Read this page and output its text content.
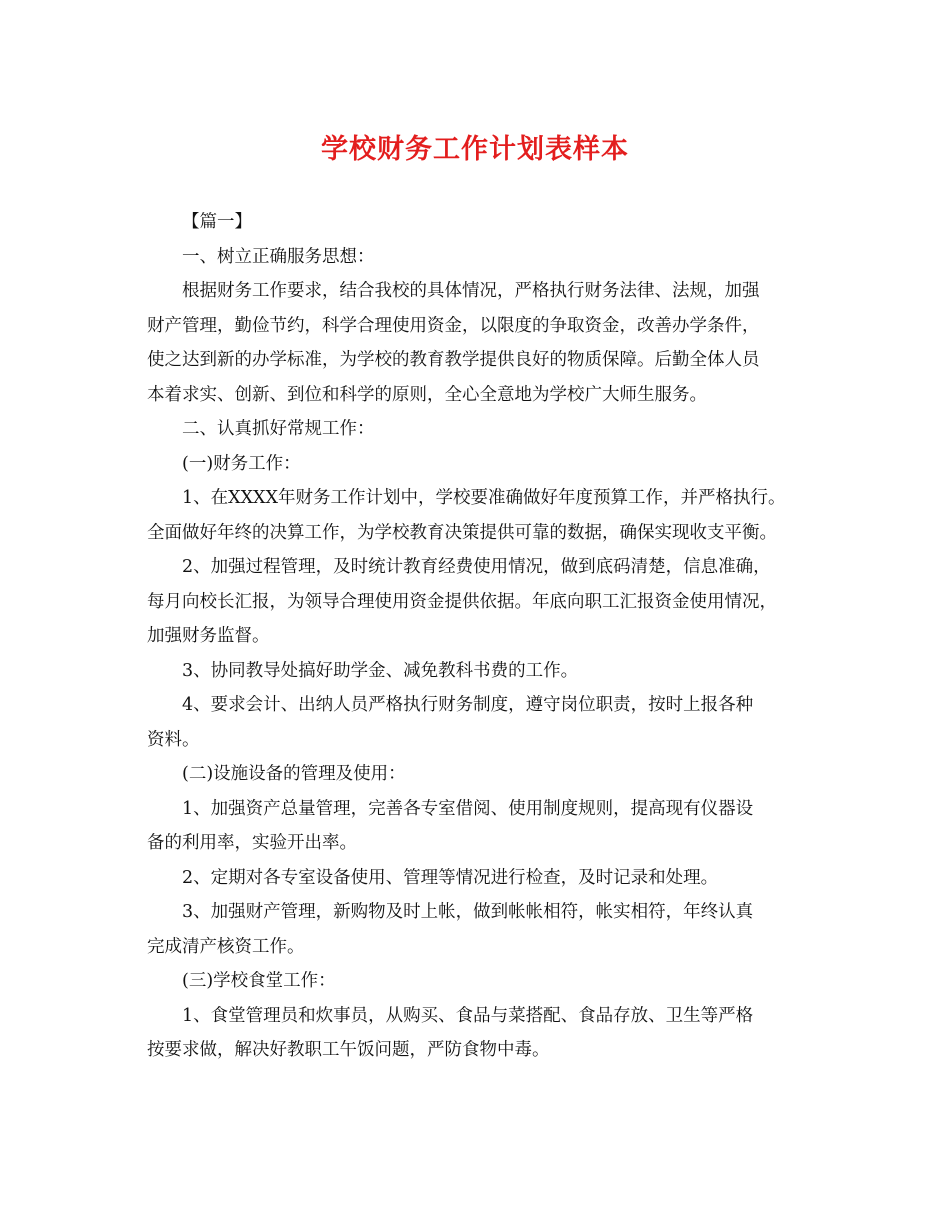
学校财务工作计划表样本

【篇一】

一、树立正确服务思想：

根据财务工作要求，结合我校的具体情况，严格执行财务法律、法规，加强
财产管理，勤俭节约，科学合理使用资金，以限度的争取资金，改善办学条件，
使之达到新的办学标准，为学校的教育教学提供良好的物质保障。后勤全体人员
本着求实、创新、到位和科学的原则，全心全意地为学校广大师生服务。

二、认真抓好常规工作：

(一)财务工作：

1、在XXXX年财务工作计划中，学校要准确做好年度预算工作，并严格执行。
全面做好年终的决算工作，为学校教育决策提供可靠的数据，确保实现收支平衡。

2、加强过程管理，及时统计教育经费使用情况，做到底码清楚，信息准确，
每月向校长汇报，为领导合理使用资金提供依据。年底向职工汇报资金使用情况，
加强财务监督。

3、协同教导处搞好助学金、减免教科书费的工作。

4、要求会计、出纳人员严格执行财务制度，遵守岗位职责，按时上报各种
资料。

(二)设施设备的管理及使用：

1、加强资产总量管理，完善各专室借阅、使用制度规则，提高现有仪器设
备的利用率，实验开出率。

2、定期对各专室设备使用、管理等情况进行检查，及时记录和处理。

3、加强财产管理，新购物及时上帐，做到帐帐相符，帐实相符，年终认真
完成清产核资工作。

(三)学校食堂工作：

1、食堂管理员和炊事员，从购买、食品与菜搭配、食品存放、卫生等严格
按要求做，解决好教职工午饭问题，严防食物中毒。
